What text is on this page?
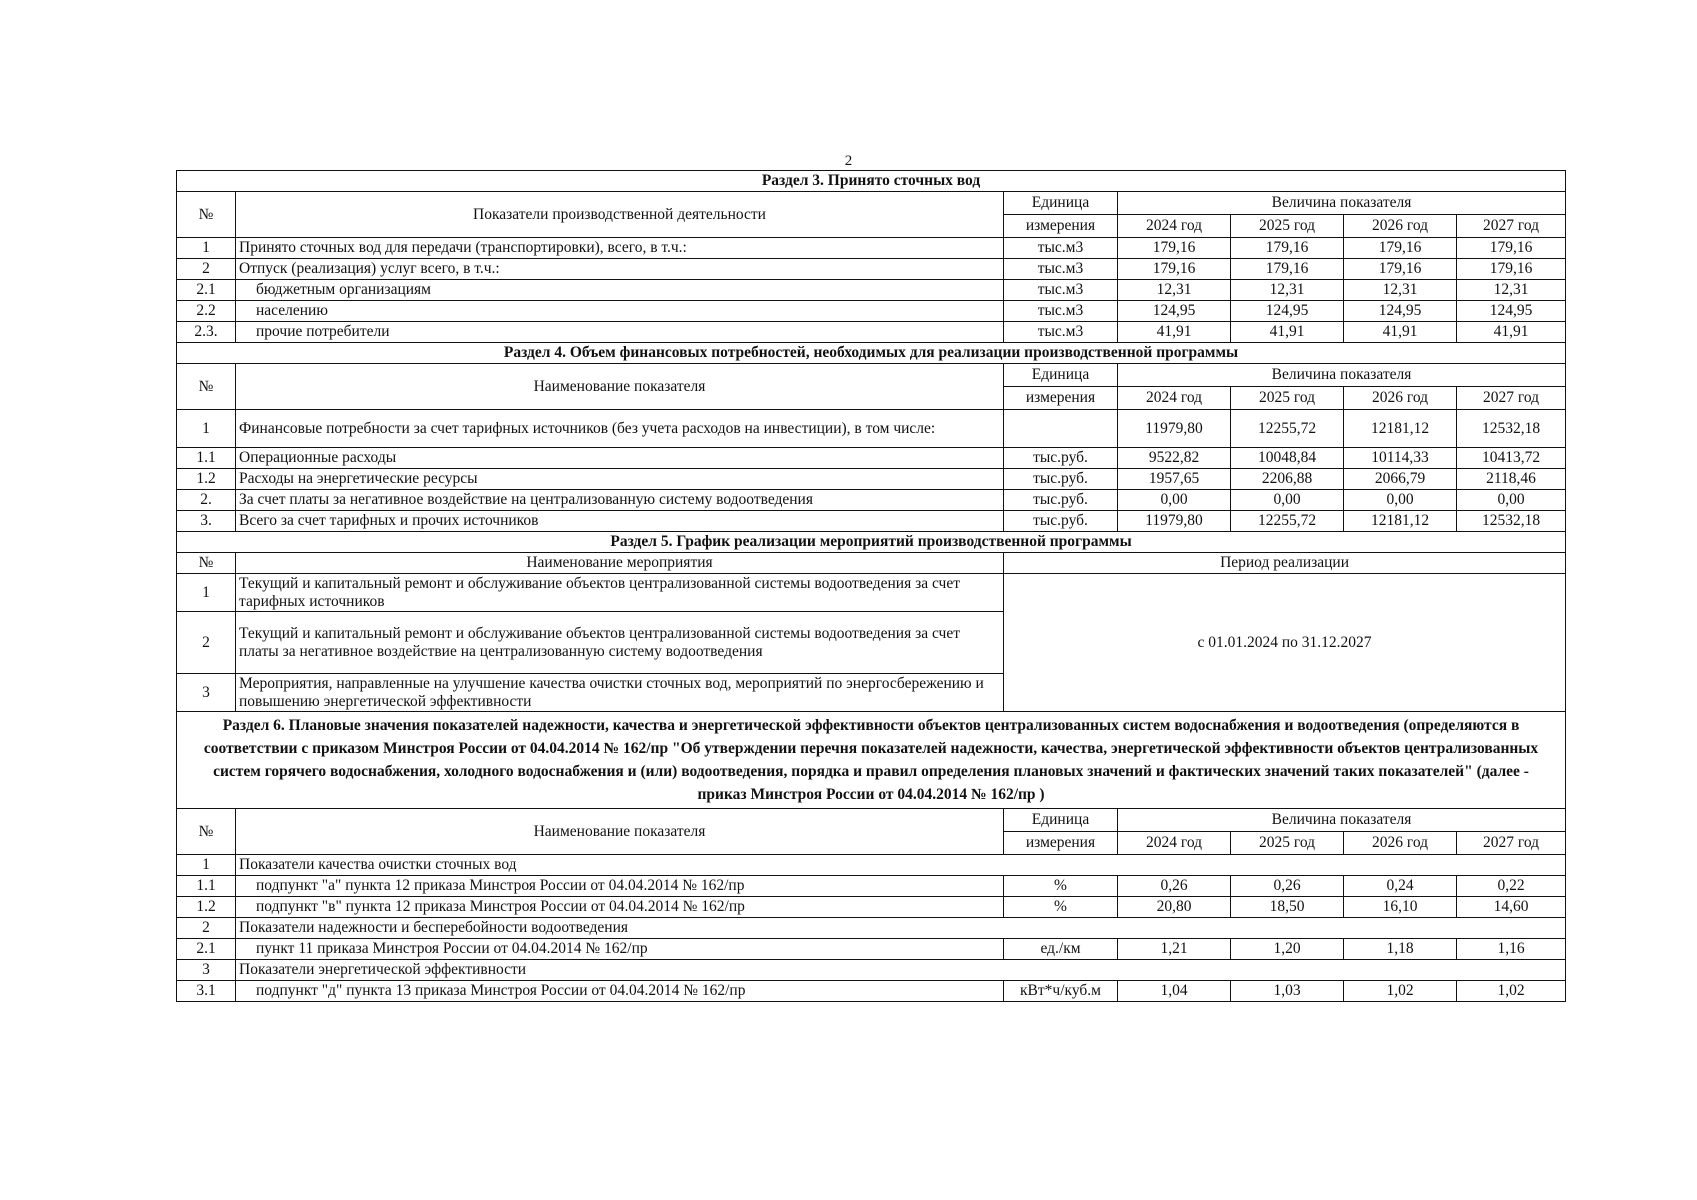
2
Раздел 3. Принято сточных вод						
№	Показатели производственной деятельности	Единица	Величина показателя			
		измерения	2024 год	2025 год	2026 год	2027 год
1	Принято сточных вод для передачи (транспортировки), всего, в т.ч.:	тыс.м3	179,16	179,16	179,16	179,16
2	Отпуск (реализация) услуг всего, в т.ч.:	тыс.м3	179,16	179,16	179,16	179,16
2.1	бюджетным организациям	тыс.м3	12,31	12,31	12,31	12,31
2.2	населению	тыс.м3	124,95	124,95	124,95	124,95
2.3.	прочие потребители	тыс.м3	41,91	41,91	41,91	41,91
Раздел 4. Объем финансовых потребностей, необходимых для реализации производственной программы						
№	Наименование показателя	Единица	Величина показателя			
		измерения	2024 год	2025 год	2026 год	2027 год
1	Финансовые потребности за счет тарифных источников (без учета расходов на инвестиции), в том числе:		11979,80	12255,72	12181,12	12532,18
1.1	Операционные расходы	тыс.руб.	9522,82	10048,84	10114,33	10413,72
1.2	Расходы на энергетические ресурсы	тыс.руб.	1957,65	2206,88	2066,79	2118,46
2.	За счет платы за негативное воздействие на централизованную систему водоотведения	тыс.руб.	0,00	0,00	0,00	0,00
3.	Всего за счет тарифных и прочих источников	тыс.руб.	11979,80	12255,72	12181,12	12532,18
Раздел 5. График реализации мероприятий производственной программы						
№	Наименование мероприятия	Период реализации				
1	Текущий и капитальный ремонт и обслуживание объектов централизованной системы водоотведения за счет тарифных источников	с 01.01.2024 по 31.12.2027				
2	Текущий и капитальный ремонт и обслуживание объектов централизованной системы водоотведения за счет платы за негативное воздействие на централизованную систему водоотведения					
3	Мероприятия, направленные на улучшение качества очистки сточных вод, мероприятий по энергосбережению и повышению энергетической эффективности					
Раздел 6. Плановые значения показателей надежности, качества и энергетической эффективности объектов централизованных систем водоснабжения и водоотведения (определяются в соответствии с приказом Минстроя России от 04.04.2014 № 162/пр "Об утверждении перечня показателей надежности, качества, энергетической эффективности объектов централизованных систем горячего водоснабжения, холодного водоснабжения и (или) водоотведения, порядка и правил определения плановых значений и фактических значений таких показателей" (далее - приказ Минстроя России от 04.04.2014 № 162/пр )						
№	Наименование показателя	Единица	Величина показателя			
		измерения	2024 год	2025 год	2026 год	2027 год
1	Показатели качества очистки сточных вод					
1.1	подпункт "а" пункта 12 приказа Минстроя России от 04.04.2014 № 162/пр	%	0,26	0,26	0,24	0,22
1.2	подпункт "в" пункта 12 приказа Минстроя России от 04.04.2014 № 162/пр	%	20,80	18,50	16,10	14,60
2	Показатели надежности и бесперебойности водоотведения					
2.1	пункт 11 приказа Минстроя России от 04.04.2014 № 162/пр	ед./км	1,21	1,20	1,18	1,16
3	Показатели энергетической эффективности					
3.1	подпункт "д" пункта 13 приказа Минстроя России от 04.04.2014 № 162/пр	кВт*ч/куб.м	1,04	1,03	1,02	1,02
